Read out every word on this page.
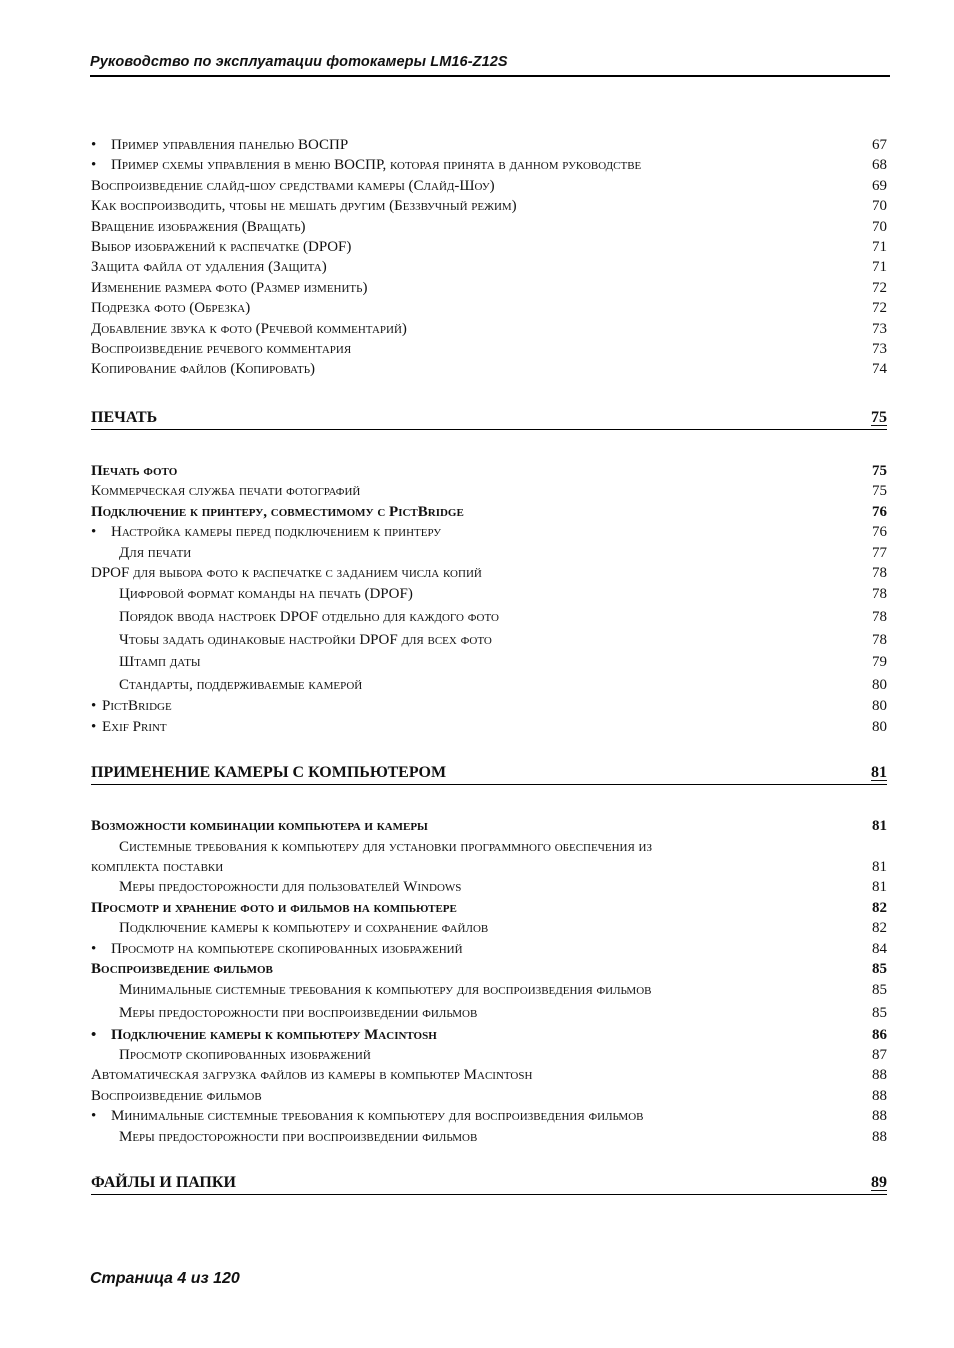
Руководство по эксплуатации фотокамеры LM16-Z12S
• Пример управления панелью ВОСПР	67
• Пример схемы управления в меню ВОСПР, которая принята в данном руководстве	68
Воспроизведение слайд-шоу средствами камеры (Слайд-Шоу)	69
Как воспроизводить, чтобы не мешать другим (Беззвучный режим)	70
Вращение изображения (Вращать)	70
Выбор изображений к распечатке (DPOF)	71
Защита файла от удаления (Защита)	71
Изменение размера фото (Размер изменить)	72
Подрезка фото (Обрезка)	72
Добавление звука к фото (Речевой комментарий)	73
Воспроизведение речевого комментария	73
Копирование файлов (Копировать)	74
ПЕЧАТЬ	75
Печать фото	75
Коммерческая служба печати фотографий	75
Подключение к принтеру, совместимому с PictBridge	76
• Настройка камеры перед подключением к принтеру	76
Для печати	77
DPOF для выбора фото к распечатке с заданием числа копий	78
Цифровой формат команды на печать (DPOF)	78
Порядок ввода настроек DPOF отдельно для каждого фото	78
Чтобы задать одинаковые настройки DPOF для всех фото	78
Штамп даты	79
Стандарты, поддерживаемые камерой	80
• PictBridge	80
• Exif Print	80
ПРИМЕНЕНИЕ КАМЕРЫ С КОМПЬЮТЕРОМ	81
Возможности комбинации компьютера и камеры	81
Системные требования к компьютеру для установки программного обеспечения из
комплекта поставки	81
Меры предосторожности для пользователей Windows	81
Просмотр и хранение фото и фильмов на компьютере	82
Подключение камеры к компьютеру и сохранение файлов	82
• Просмотр на компьютере скопированных изображений	84
Воспроизведение фильмов	85
Минимальные системные требования к компьютеру для воспроизведения фильмов	85
Меры предосторожности при воспроизведении фильмов	85
• Подключение камеры к компьютеру Macintosh	86
Просмотр скопированных изображений	87
Автоматическая загрузка файлов из камеры в компьютер Macintosh	88
Воспроизведение фильмов	88
• Минимальные системные требования к компьютеру для воспроизведения фильмов	88
Меры предосторожности при воспроизведении фильмов	88
ФАЙЛЫ И ПАПКИ	89
Страница 4 из 120
